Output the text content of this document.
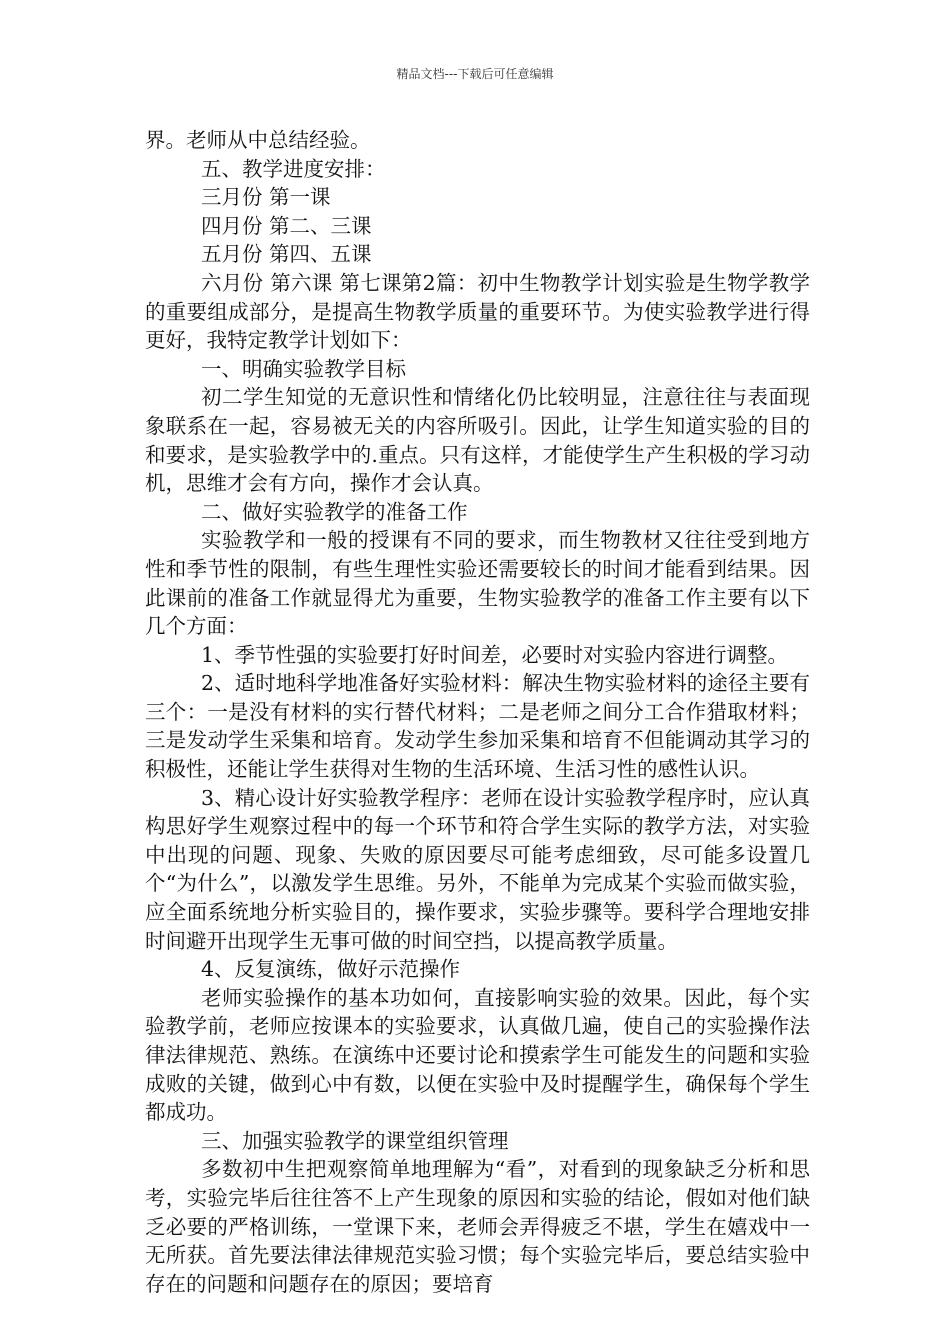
精品文档---下载后可任意编辑

界。老师从中总结经验。

五、教学进度安排：

三月份 第一课

四月份 第二、三课

五月份 第四、五课

六月份 第六课 第七课第2篇：初中生物教学计划实验是生物学教学的重要组成部分，是提高生物教学质量的重要环节。为使实验教学进行得更好，我特定教学计划如下：

一、明确实验教学目标

初二学生知觉的无意识性和情绪化仍比较明显，注意往往与表面现象联系在一起，容易被无关的内容所吸引。因此，让学生知道实验的目的和要求，是实验教学中的.重点。只有这样，才能使学生产生积极的学习动机，思维才会有方向，操作才会认真。

二、做好实验教学的准备工作

实验教学和一般的授课有不同的要求，而生物教材又往往受到地方性和季节性的限制，有些生理性实验还需要较长的时间才能看到结果。因此课前的准备工作就显得尤为重要，生物实验教学的准备工作主要有以下几个方面：

1、季节性强的实验要打好时间差，必要时对实验内容进行调整。

2、适时地科学地准备好实验材料：解决生物实验材料的途径主要有三个：一是没有材料的实行替代材料；二是老师之间分工合作猎取材料；三是发动学生采集和培育。发动学生参加采集和培育不但能调动其学习的积极性，还能让学生获得对生物的生活环境、生活习性的感性认识。

3、精心设计好实验教学程序：老师在设计实验教学程序时，应认真构思好学生观察过程中的每一个环节和符合学生实际的教学方法，对实验中出现的问题、现象、失败的原因要尽可能考虑细致，尽可能多设置几个“为什么”，以激发学生思维。另外，不能单为完成某个实验而做实验，应全面系统地分析实验目的，操作要求，实验步骤等。要科学合理地安排时间避开出现学生无事可做的时间空挡，以提高教学质量。

4、反复演练，做好示范操作

老师实验操作的基本功如何，直接影响实验的效果。因此，每个实验教学前，老师应按课本的实验要求，认真做几遍，使自己的实验操作法律法律规范、熟练。在演练中还要讨论和摸索学生可能发生的问题和实验成败的关键，做到心中有数，以便在实验中及时提醒学生，确保每个学生都成功。

三、加强实验教学的课堂组织管理

多数初中生把观察简单地理解为“看”，对看到的现象缺乏分析和思考，实验完毕后往往答不上产生现象的原因和实验的结论，假如对他们缺乏必要的严格训练，一堂课下来，老师会弄得疲乏不堪，学生在嬉戏中一无所获。首先要法律法律规范实验习惯；每个实验完毕后，要总结实验中存在的问题和问题存在的原因；要培育
